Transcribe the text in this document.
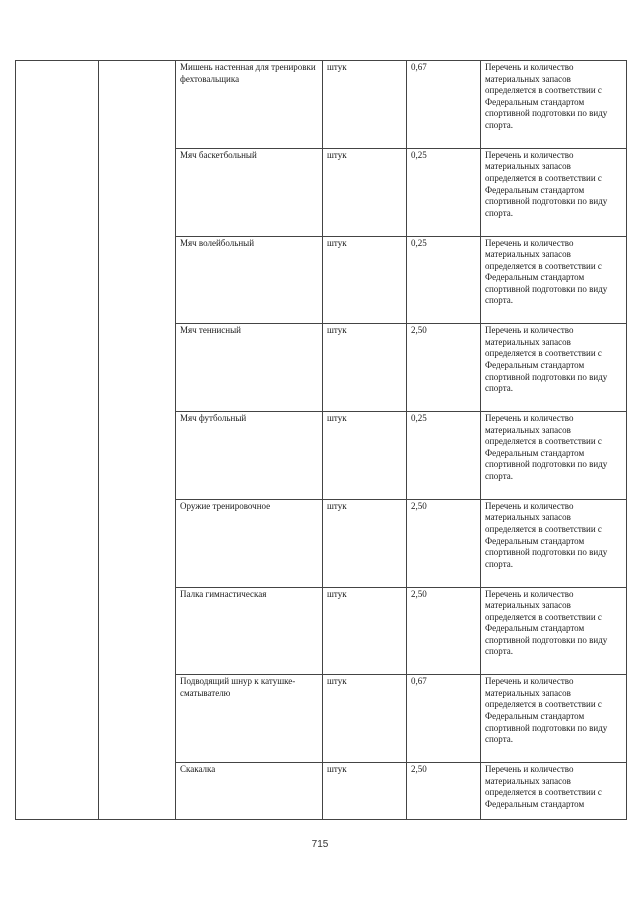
		Мишень настенная для тренировки фехтовальщика	штук	0,67	Перечень и количество материальных запасов определяется в соответствии с Федеральным стандартом спортивной подготовки по виду спорта.
		Мяч баскетбольный	штук	0,25	Перечень и количество материальных запасов определяется в соответствии с Федеральным стандартом спортивной подготовки по виду спорта.
		Мяч волейбольный	штук	0,25	Перечень и количество материальных запасов определяется в соответствии с Федеральным стандартом спортивной подготовки по виду спорта.
		Мяч теннисный	штук	2,50	Перечень и количество материальных запасов определяется в соответствии с Федеральным стандартом спортивной подготовки по виду спорта.
		Мяч футбольный	штук	0,25	Перечень и количество материальных запасов определяется в соответствии с Федеральным стандартом спортивной подготовки по виду спорта.
		Оружие тренировочное	штук	2,50	Перечень и количество материальных запасов определяется в соответствии с Федеральным стандартом спортивной подготовки по виду спорта.
		Палка гимнастическая	штук	2,50	Перечень и количество материальных запасов определяется в соответствии с Федеральным стандартом спортивной подготовки по виду спорта.
		Подводящий шнур к катушке-сматывателю	штук	0,67	Перечень и количество материальных запасов определяется в соответствии с Федеральным стандартом спортивной подготовки по виду спорта.
		Скакалка	штук	2,50	Перечень и количество материальных запасов определяется в соответствии с Федеральным стандартом
715
